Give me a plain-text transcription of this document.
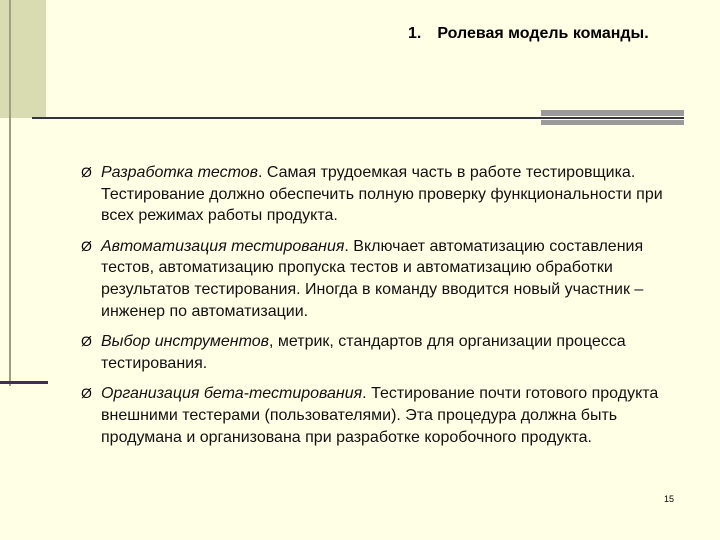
1. Ролевая модель команды.
Ø Разработка тестов. Самая трудоемкая часть в работе тестировщика. Тестирование должно обеспечить полную проверку функциональности при всех режимах работы продукта.
Ø Автоматизация тестирования. Включает автоматизацию составления тестов, автоматизацию пропуска тестов и автоматизацию обработки результатов тестирования. Иногда в команду вводится новый участник – инженер по автоматизации.
Ø Выбор инструментов, метрик, стандартов для организации процесса тестирования.
Ø Организация бета-тестирования. Тестирование почти готового продукта внешними тестерами (пользователями). Эта процедура должна быть продумана и организована при разработке коробочного продукта.
15
